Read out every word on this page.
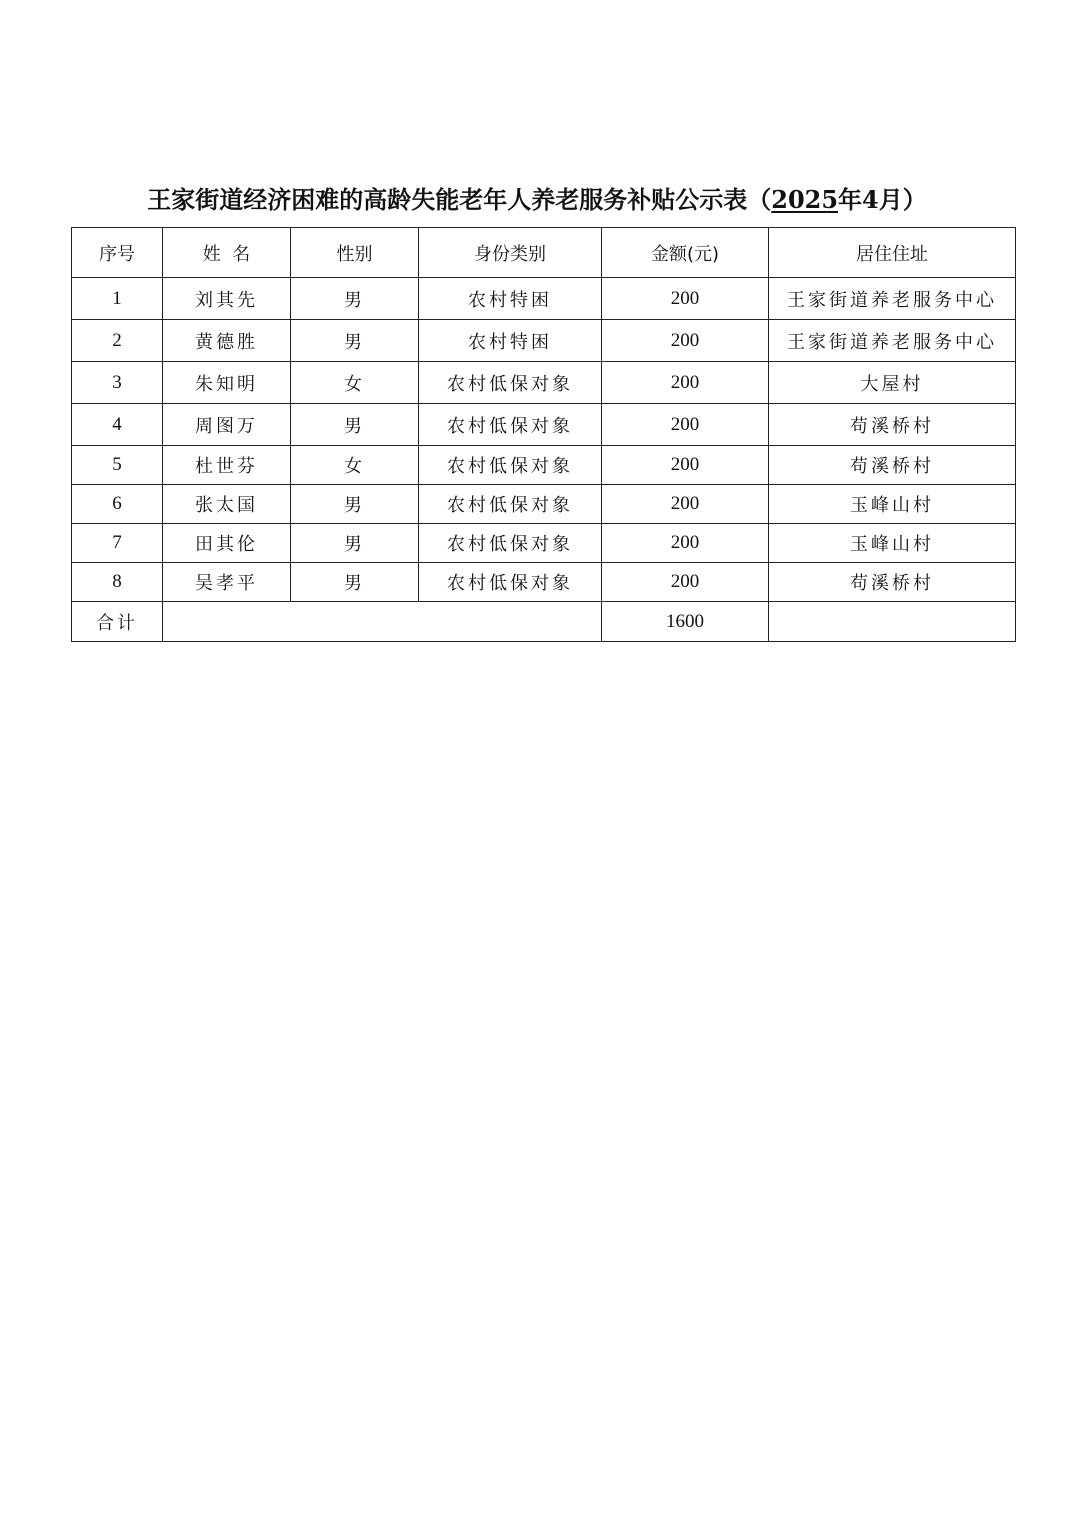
王家街道经济困难的高龄失能老年人养老服务补贴公示表（2025年4月）
序号	姓  名	性别	身份类别	金额(元)	居住住址
1	刘其先	男	农村特困	200	王家街道养老服务中心
2	黄德胜	男	农村特困	200	王家街道养老服务中心
3	朱知明	女	农村低保对象	200	大屋村
4	周图万	男	农村低保对象	200	苟溪桥村
5	杜世芬	女	农村低保对象	200	苟溪桥村
6	张太国	男	农村低保对象	200	玉峰山村
7	田其伦	男	农村低保对象	200	玉峰山村
8	吴孝平	男	农村低保对象	200	苟溪桥村
合计				1600	
